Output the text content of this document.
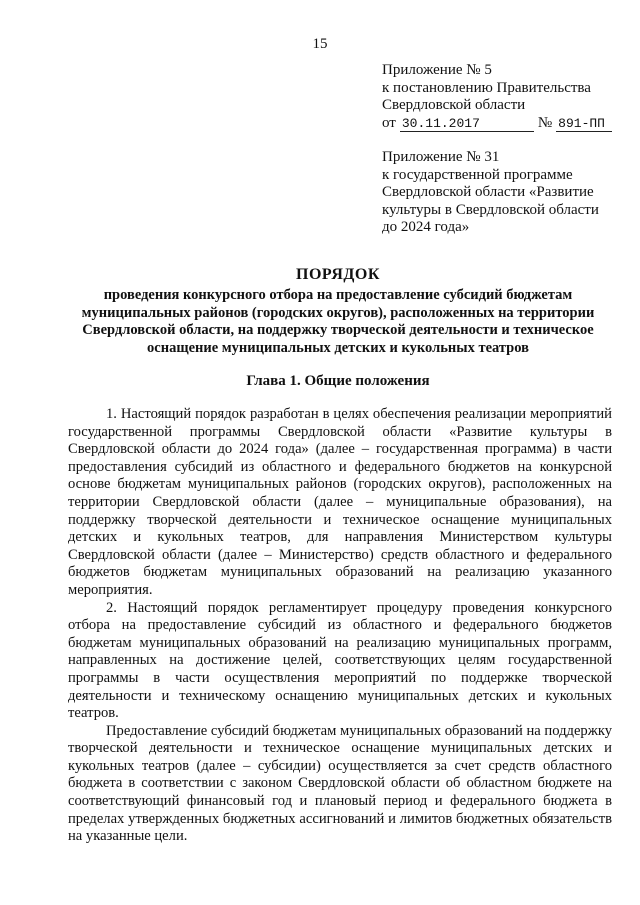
15
Приложение № 5
к постановлению Правительства
Свердловской области
от 30.11.2017	№ 891-ПП
Приложение № 31
к государственной программе
Свердловской области «Развитие
культуры в Свердловской области
до 2024 года»
ПОРЯДОК
проведения конкурсного отбора на предоставление субсидий бюджетам муниципальных районов (городских округов), расположенных на территории Свердловской области, на поддержку творческой деятельности и техническое оснащение муниципальных детских и кукольных театров
Глава 1. Общие положения

1. Настоящий порядок разработан в целях обеспечения реализации мероприятий государственной программы Свердловской области «Развитие культуры в Свердловской области до 2024 года» (далее – государственная программа) в части предоставления субсидий из областного и федерального бюджетов на конкурсной основе бюджетам муниципальных районов (городских округов), расположенных на территории Свердловской области (далее – муниципальные образования), на поддержку творческой деятельности и техническое оснащение муниципальных детских и кукольных театров, для направления Министерством культуры Свердловской области (далее – Министерство) средств областного и федерального бюджетов бюджетам муниципальных образований на реализацию указанного мероприятия.

2. Настоящий порядок регламентирует процедуру проведения конкурсного отбора на предоставление субсидий из областного и федерального бюджетов бюджетам муниципальных образований на реализацию муниципальных программ, направленных на достижение целей, соответствующих целям государственной программы в части осуществления мероприятий по поддержке творческой деятельности и техническому оснащению муниципальных детских и кукольных театров.

Предоставление субсидий бюджетам муниципальных образований на поддержку творческой деятельности и техническое оснащение муниципальных детских и кукольных театров (далее – субсидии) осуществляется за счет средств областного бюджета в соответствии с законом Свердловской области об областном бюджете на соответствующий финансовый год и плановый период и федерального бюджета в пределах утвержденных бюджетных ассигнований и лимитов бюджетных обязательств на указанные цели.
